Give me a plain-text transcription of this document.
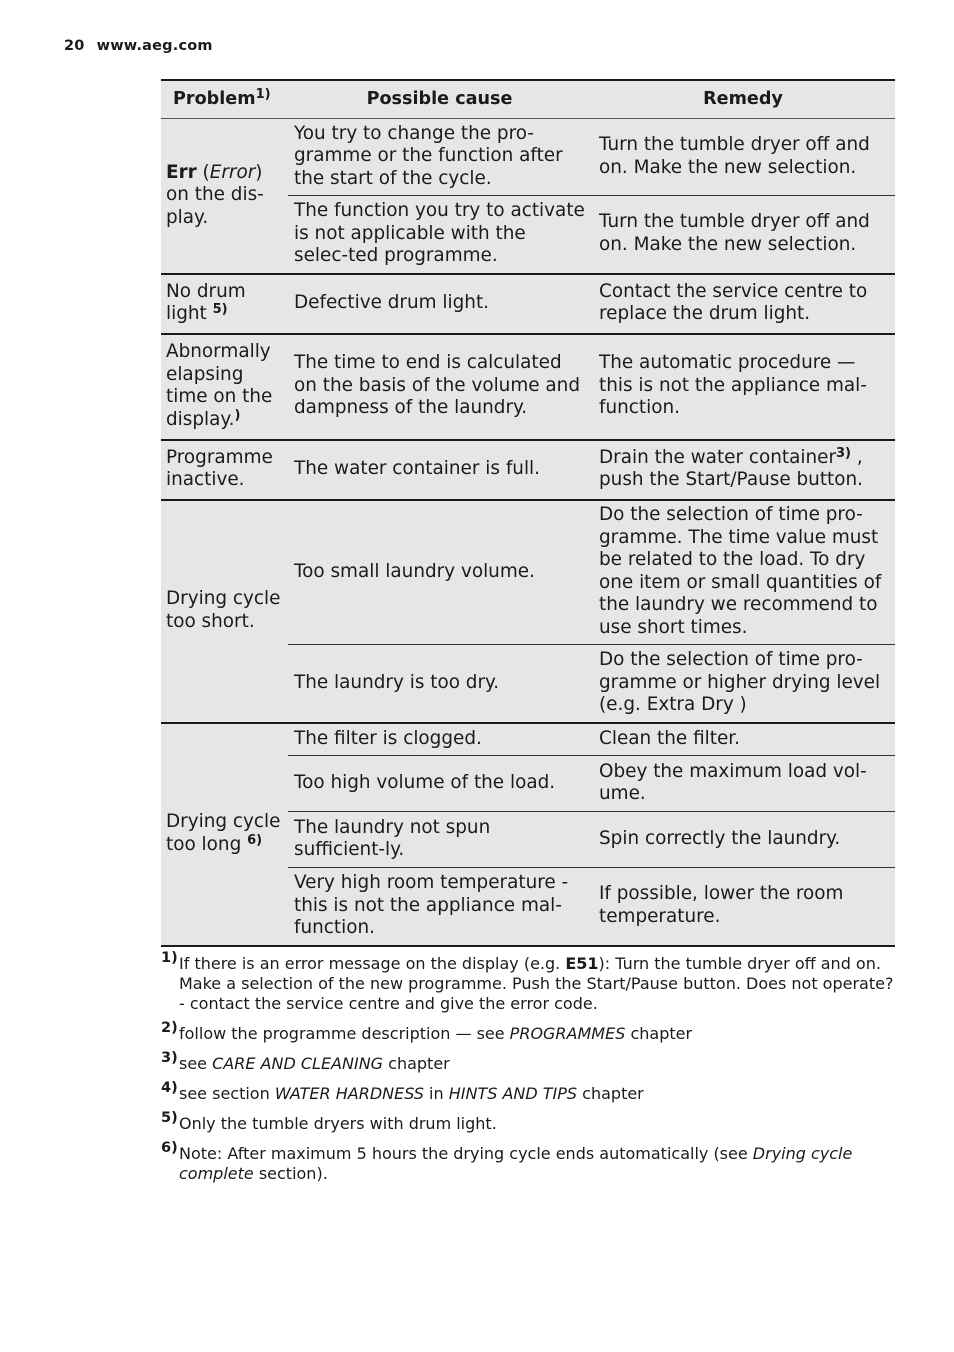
20 www.aeg.com
Problem$^{1)}$	Possible cause	Remedy
Err (Error) on the dis-play.	You try to change the pro-gramme or the function after the start of the cycle.	Turn the tumble dryer off and on. Make the new selection.
	The function you try to activate is not applicable with the selec-ted programme.	Turn the tumble dryer off and on. Make the new selection.
No drum light $^{5)}$	Defective drum light.	Contact the service centre to replace the drum light.
Abnormally elapsing time on the display.)	The time to end is calculated on the basis of the volume and dampness of the laundry.	The automatic procedure — this is not the appliance mal-function.
Programme inactive.	The water container is full.	Drain the water container$^{3)}$ , push the Start/Pause button.
Drying cycle too short.	Too small laundry volume.	Do the selection of time pro-gramme. The time value must be related to the load. To dry one item or small quantities of the laundry we recommend to use short times.
	The laundry is too dry.	Do the selection of time pro-gramme or higher drying level (e.g. Extra Dry )
Drying cycle too long $^{6)}$	The filter is clogged.	Clean the filter.
	Too high volume of the load.	Obey the maximum load vol-ume.
	The laundry not spun sufficient-ly.	Spin correctly the laundry.
	Very high room temperature - this is not the appliance mal-function.	If possible, lower the room temperature.
1) If there is an error message on the display (e.g. E51): Turn the tumble dryer off and on. Make a selection of the new programme. Push the Start/Pause button. Does not operate? - contact the service centre and give the error code.
2) follow the programme description — see PROGRAMMES chapter
3) see CARE AND CLEANING chapter
4) see section WATER HARDNESS in HINTS AND TIPS chapter
5) Only the tumble dryers with drum light.
6) Note: After maximum 5 hours the drying cycle ends automatically (see Drying cycle complete section).
